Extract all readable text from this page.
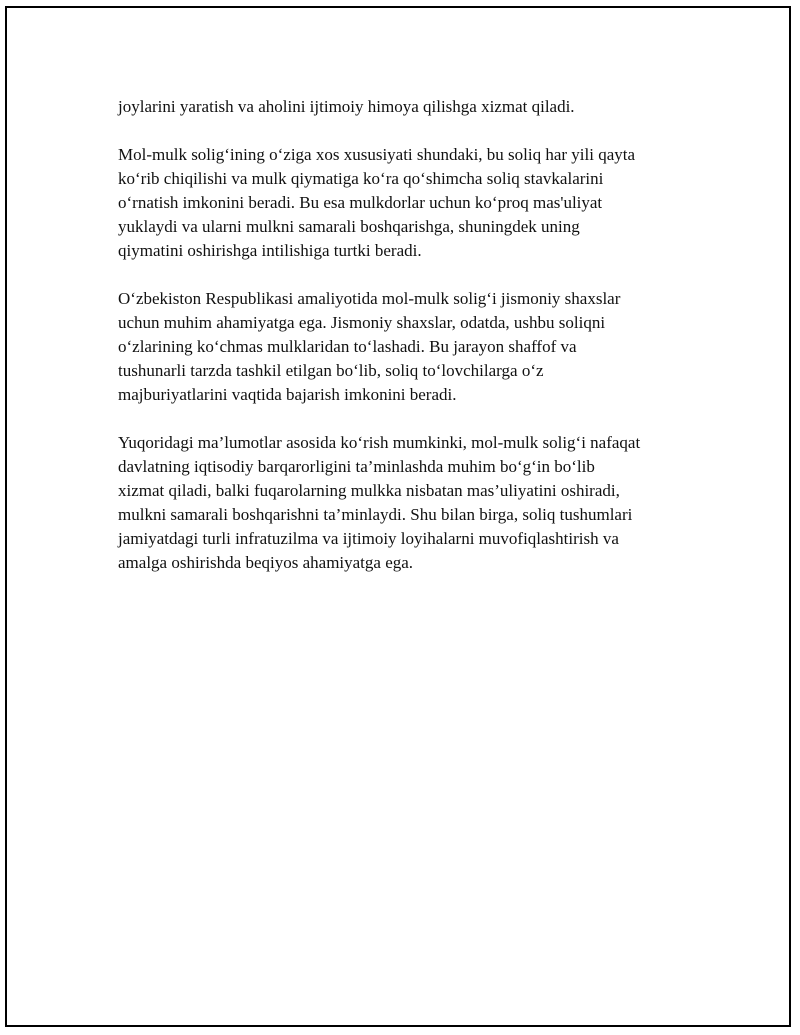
joylarini yaratish va aholini ijtimoiy himoya qilishga xizmat qiladi.

Mol-mulk solig‘ining o‘ziga xos xususiyati shundaki, bu soliq har yili qayta
ko‘rib chiqilishi va mulk qiymatiga ko‘ra qo‘shimcha soliq stavkalarini
o‘rnatish imkonini beradi. Bu esa mulkdorlar uchun ko‘proq mas'uliyat
yuklaydi va ularni mulkni samarali boshqarishga, shuningdek uning
qiymatini oshirishga intilishiga turtki beradi.

O‘zbekiston Respublikasi amaliyotida mol-mulk solig‘i jismoniy shaxslar
uchun muhim ahamiyatga ega. Jismoniy shaxslar, odatda, ushbu soliqni
o‘zlarining ko‘chmas mulklaridan to‘lashadi. Bu jarayon shaffof va
tushunarli tarzda tashkil etilgan bo‘lib, soliq to‘lovchilarga o‘z
majburiyatlarini vaqtida bajarish imkonini beradi.

Yuqoridagi ma’lumotlar asosida ko‘rish mumkinki, mol-mulk solig‘i nafaqat
davlatning iqtisodiy barqarorligini ta’minlashda muhim bo‘g‘in bo‘lib
xizmat qiladi, balki fuqarolarning mulkka nisbatan mas’uliyatini oshiradi,
mulkni samarali boshqarishni ta’minlaydi. Shu bilan birga, soliq tushumlari
jamiyatdagi turli infratuzilma va ijtimoiy loyihalarni muvofiqlashtirish va
amalga oshirishda beqiyos ahamiyatga ega.
